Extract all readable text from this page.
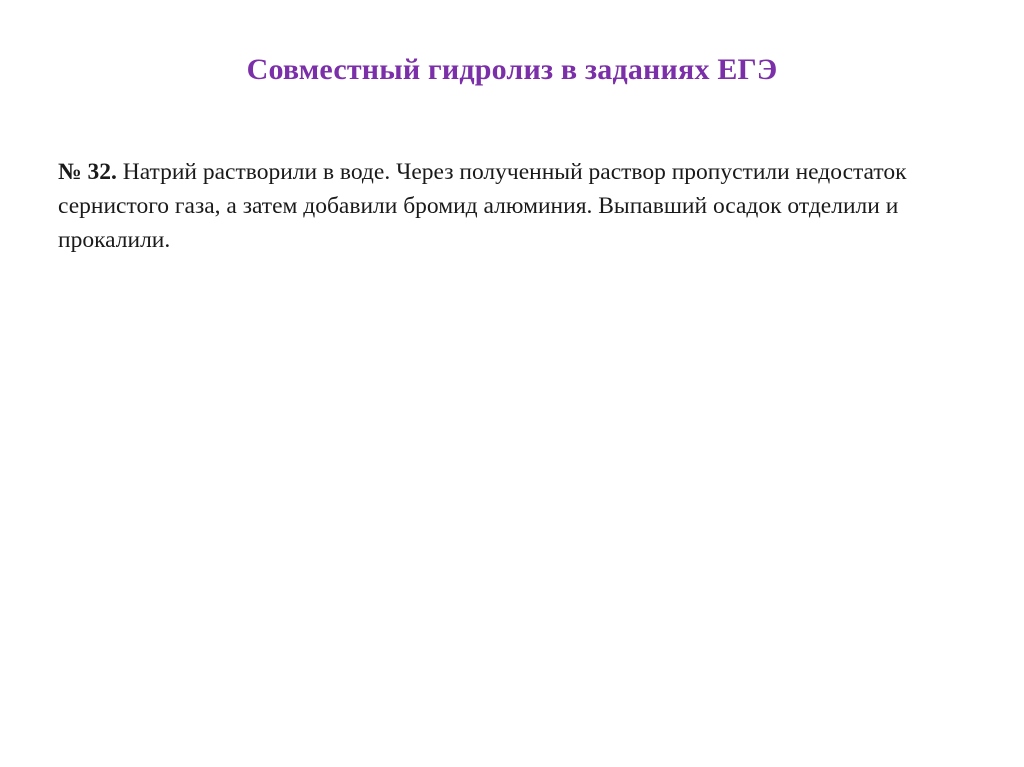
Совместный гидролиз в заданиях ЕГЭ
№ 32. Натрий растворили в воде. Через полученный раствор пропустили недостаток сернистого газа, а затем добавили бромид алюминия. Выпавший осадок отделили и прокалили.
